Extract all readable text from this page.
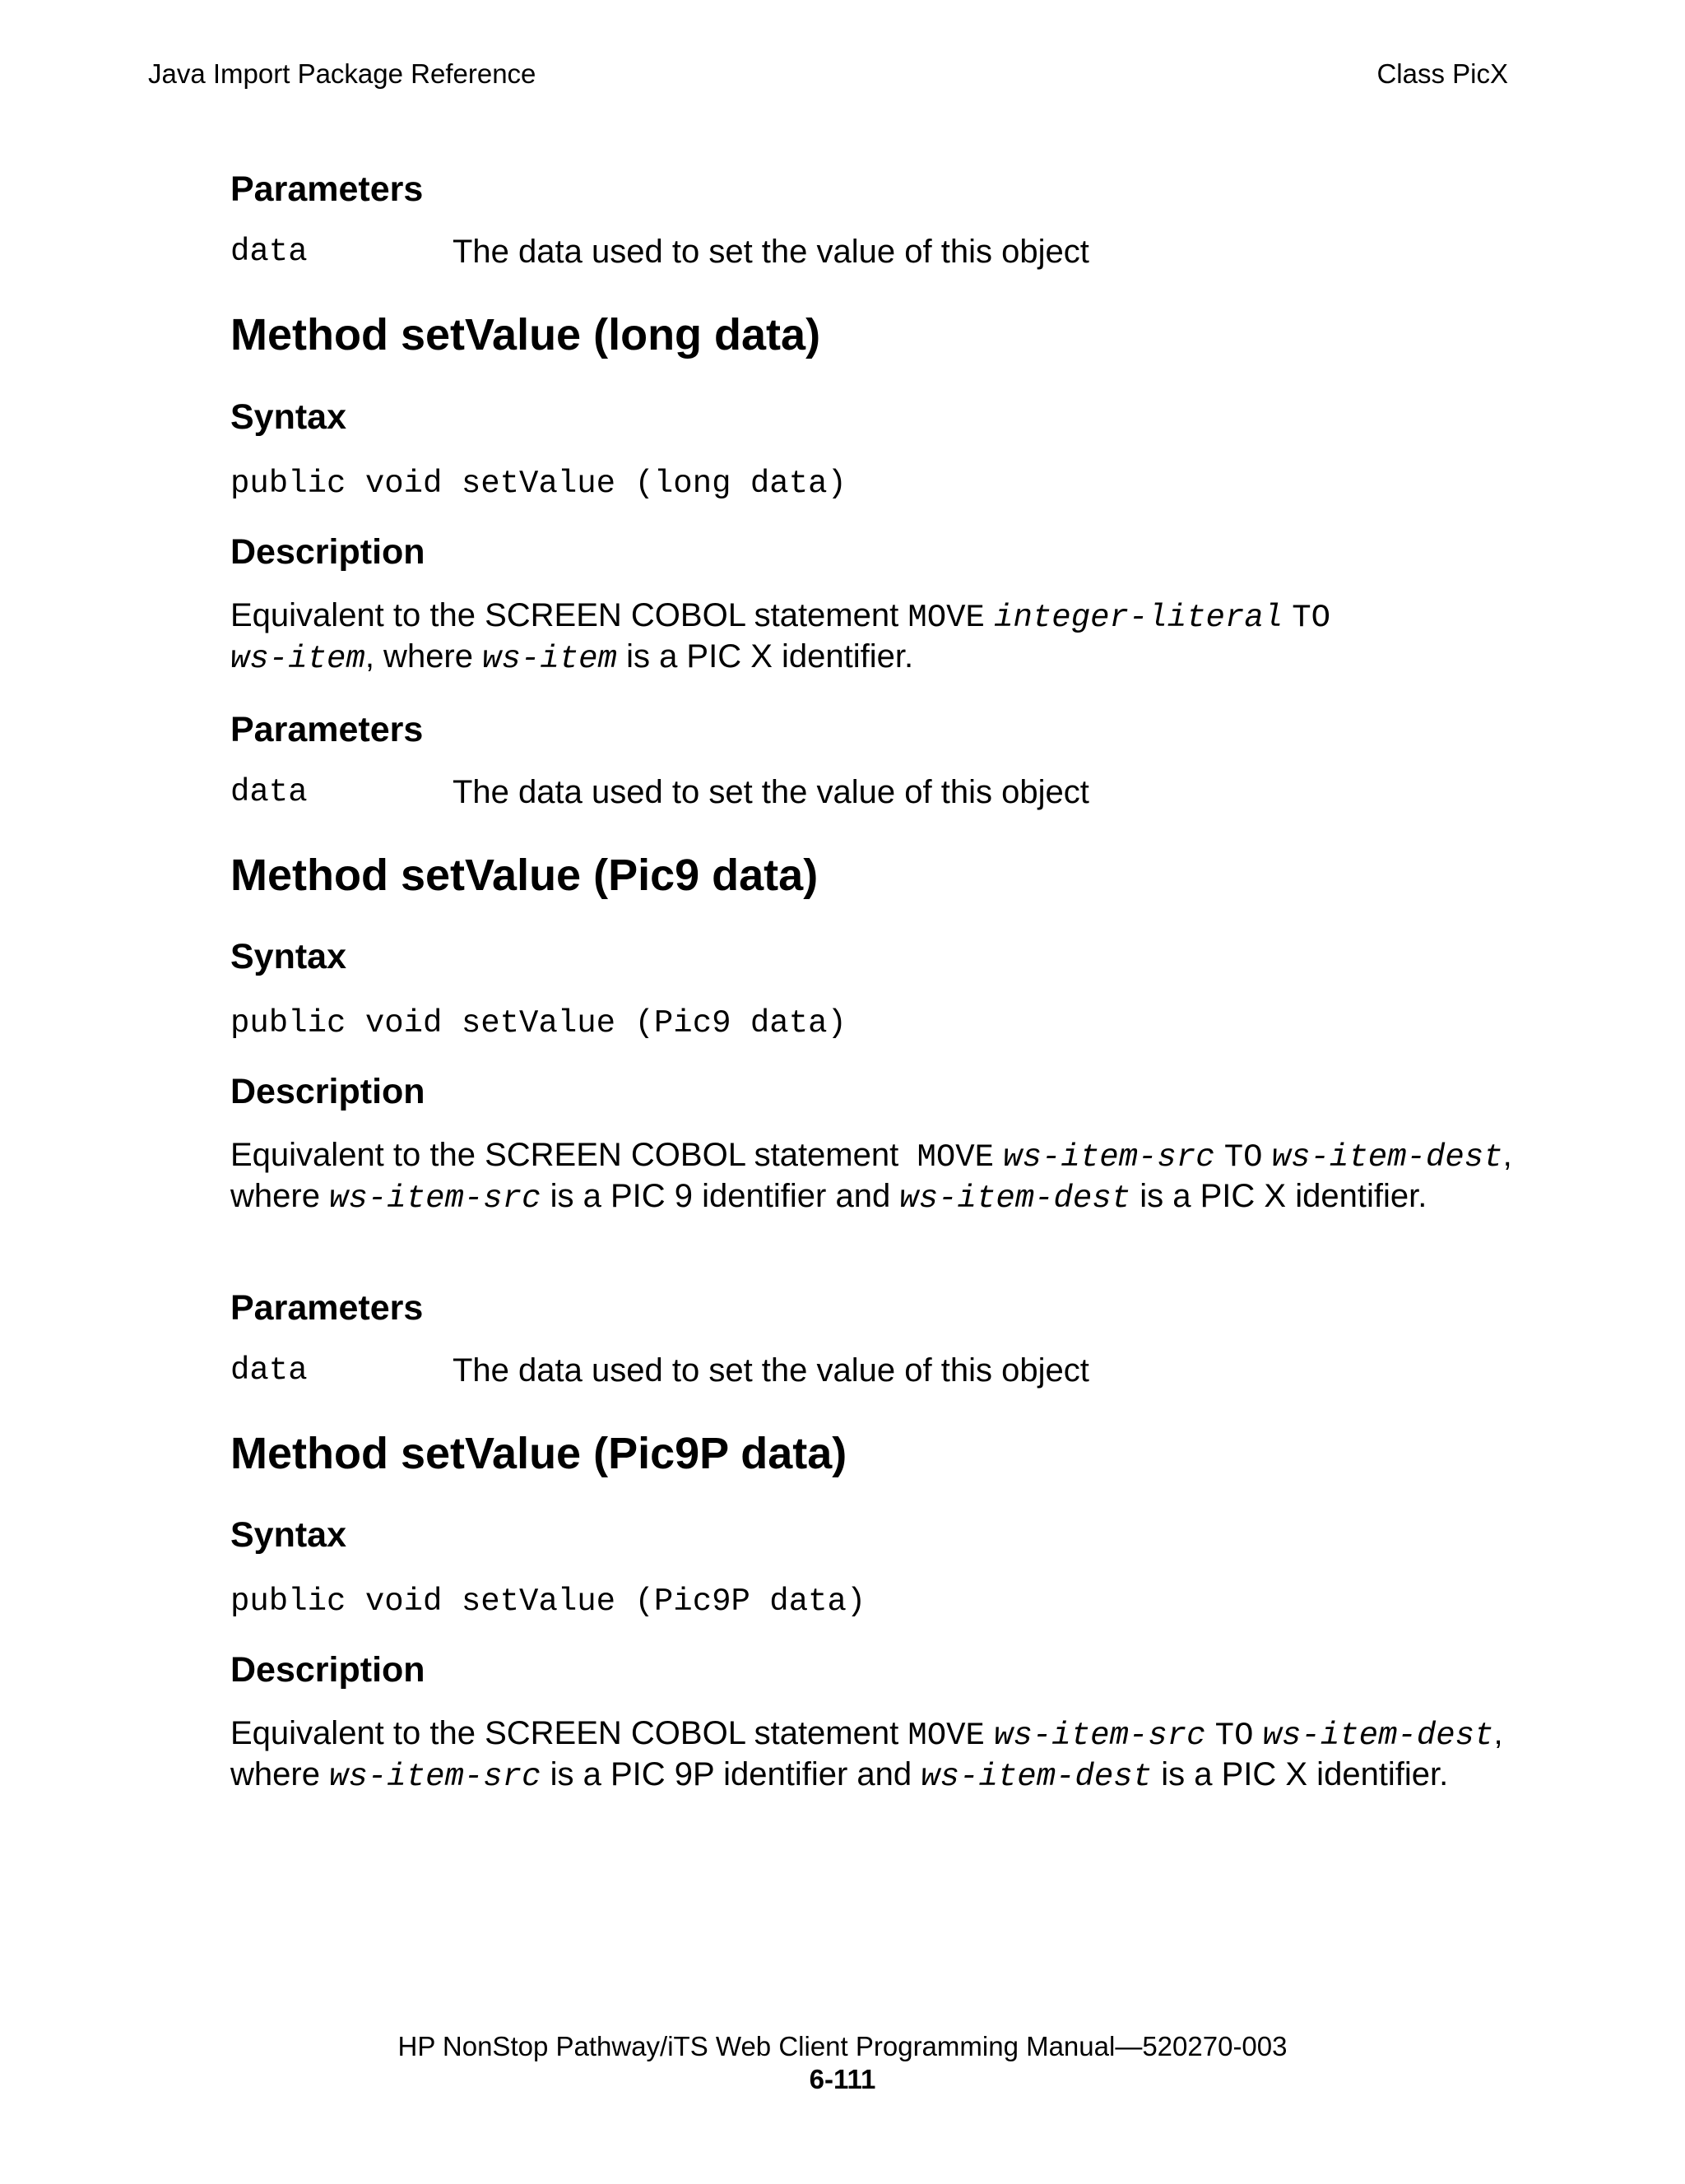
Java Import Package Reference	Class PicX
Parameters
data	The data used to set the value of this object
Method setValue (long data)
Syntax
public void setValue (long data)
Description
Equivalent to the SCREEN COBOL statement MOVE integer-literal TO
ws-item, where ws-item is a PIC X identifier.
Parameters
data	The data used to set the value of this object
Method setValue (Pic9 data)
Syntax
public void setValue (Pic9 data)
Description
Equivalent to the SCREEN COBOL statement  MOVE ws-item-src TO ws-item-dest, where ws-item-src is a PIC 9 identifier and ws-item-dest is a PIC X identifier.
Parameters
data	The data used to set the value of this object
Method setValue (Pic9P data)
Syntax
public void setValue (Pic9P data)
Description
Equivalent to the SCREEN COBOL statement MOVE ws-item-src TO ws-item-dest, where ws-item-src is a PIC 9P identifier and ws-item-dest is a PIC X identifier.
HP NonStop Pathway/iTS Web Client Programming Manual—520270-003
6-111
